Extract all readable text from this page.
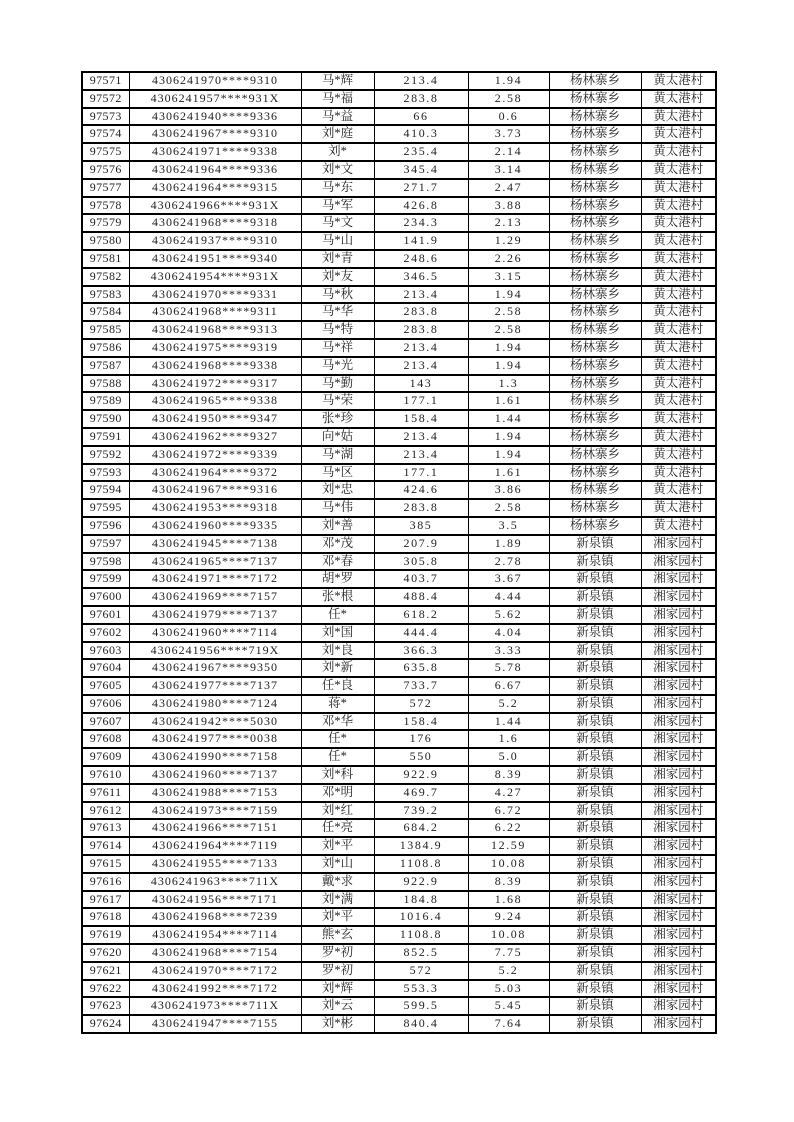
97571	4306241970****9310	马*辉	213.4	1.94	杨林寨乡	黄太港村
97572	4306241957****931X	马*福	283.8	2.58	杨林寨乡	黄太港村
97573	4306241940****9336	马*益	66	0.6	杨林寨乡	黄太港村
97574	4306241967****9310	刘*庭	410.3	3.73	杨林寨乡	黄太港村
97575	4306241971****9338	刘*	235.4	2.14	杨林寨乡	黄太港村
97576	4306241964****9336	刘*文	345.4	3.14	杨林寨乡	黄太港村
97577	4306241964****9315	马*东	271.7	2.47	杨林寨乡	黄太港村
97578	4306241966****931X	马*军	426.8	3.88	杨林寨乡	黄太港村
97579	4306241968****9318	马*文	234.3	2.13	杨林寨乡	黄太港村
97580	4306241937****9310	马*山	141.9	1.29	杨林寨乡	黄太港村
97581	4306241951****9340	刘*青	248.6	2.26	杨林寨乡	黄太港村
97582	4306241954****931X	刘*友	346.5	3.15	杨林寨乡	黄太港村
97583	4306241970****9331	马*秋	213.4	1.94	杨林寨乡	黄太港村
97584	4306241968****9311	马*华	283.8	2.58	杨林寨乡	黄太港村
97585	4306241968****9313	马*特	283.8	2.58	杨林寨乡	黄太港村
97586	4306241975****9319	马*祥	213.4	1.94	杨林寨乡	黄太港村
97587	4306241968****9338	马*光	213.4	1.94	杨林寨乡	黄太港村
97588	4306241972****9317	马*勤	143	1.3	杨林寨乡	黄太港村
97589	4306241965****9338	马*荣	177.1	1.61	杨林寨乡	黄太港村
97590	4306241950****9347	张*珍	158.4	1.44	杨林寨乡	黄太港村
97591	4306241962****9327	向*姑	213.4	1.94	杨林寨乡	黄太港村
97592	4306241972****9339	马*湖	213.4	1.94	杨林寨乡	黄太港村
97593	4306241964****9372	马*区	177.1	1.61	杨林寨乡	黄太港村
97594	4306241967****9316	刘*忠	424.6	3.86	杨林寨乡	黄太港村
97595	4306241953****9318	马*伟	283.8	2.58	杨林寨乡	黄太港村
97596	4306241960****9335	刘*善	385	3.5	杨林寨乡	黄太港村
97597	4306241945****7138	邓*茂	207.9	1.89	新泉镇	湘家园村
97598	4306241965****7137	邓*春	305.8	2.78	新泉镇	湘家园村
97599	4306241971****7172	胡*罗	403.7	3.67	新泉镇	湘家园村
97600	4306241969****7157	张*根	488.4	4.44	新泉镇	湘家园村
97601	4306241979****7137	任*	618.2	5.62	新泉镇	湘家园村
97602	4306241960****7114	刘*国	444.4	4.04	新泉镇	湘家园村
97603	4306241956****719X	刘*良	366.3	3.33	新泉镇	湘家园村
97604	4306241967****9350	刘*新	635.8	5.78	新泉镇	湘家园村
97605	4306241977****7137	任*良	733.7	6.67	新泉镇	湘家园村
97606	4306241980****7124	蒋*	572	5.2	新泉镇	湘家园村
97607	4306241942****5030	邓*华	158.4	1.44	新泉镇	湘家园村
97608	4306241977****0038	任*	176	1.6	新泉镇	湘家园村
97609	4306241990****7158	任*	550	5.0	新泉镇	湘家园村
97610	4306241960****7137	刘*科	922.9	8.39	新泉镇	湘家园村
97611	4306241988****7153	邓*明	469.7	4.27	新泉镇	湘家园村
97612	4306241973****7159	刘*红	739.2	6.72	新泉镇	湘家园村
97613	4306241966****7151	任*亮	684.2	6.22	新泉镇	湘家园村
97614	4306241964****7119	刘*平	1384.9	12.59	新泉镇	湘家园村
97615	4306241955****7133	刘*山	1108.8	10.08	新泉镇	湘家园村
97616	4306241963****711X	戴*求	922.9	8.39	新泉镇	湘家园村
97617	4306241956****7171	刘*满	184.8	1.68	新泉镇	湘家园村
97618	4306241968****7239	刘*平	1016.4	9.24	新泉镇	湘家园村
97619	4306241954****7114	熊*玄	1108.8	10.08	新泉镇	湘家园村
97620	4306241968****7154	罗*初	852.5	7.75	新泉镇	湘家园村
97621	4306241970****7172	罗*初	572	5.2	新泉镇	湘家园村
97622	4306241992****7172	刘*辉	553.3	5.03	新泉镇	湘家园村
97623	4306241973****711X	刘*云	599.5	5.45	新泉镇	湘家园村
97624	4306241947****7155	刘*彬	840.4	7.64	新泉镇	湘家园村
